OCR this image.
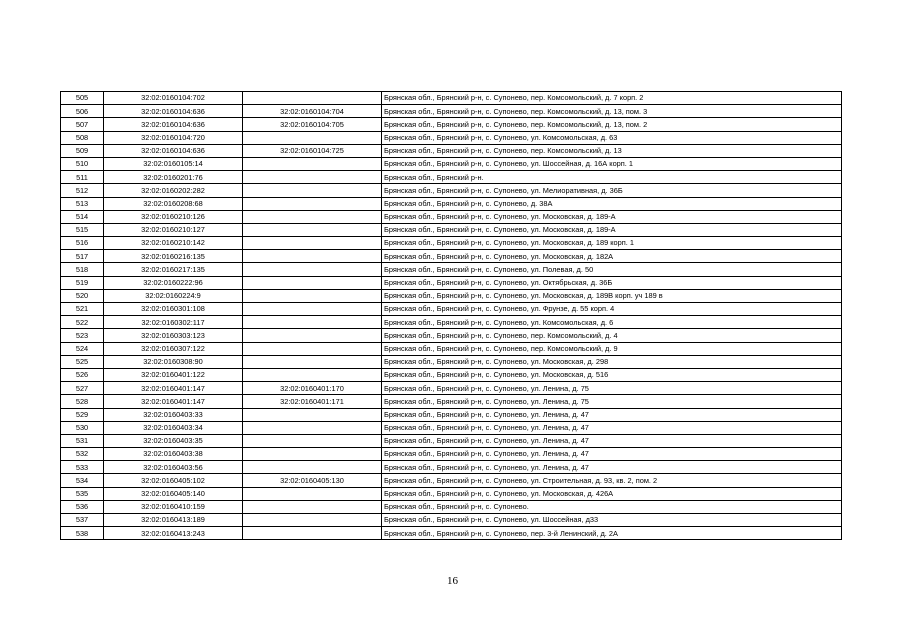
505	32:02:0160104:702		Брянская обл., Брянский р-н, с. Супонево, пер. Комсомольский, д. 7 корп. 2
506	32:02:0160104:636	32:02:0160104:704	Брянская обл., Брянский р-н, с. Супонево, пер. Комсомольский, д. 13, пом. 3
507	32:02:0160104:636	32:02:0160104:705	Брянская обл., Брянский р-н, с. Супонево, пер. Комсомольский, д. 13, пом. 2
508	32:02:0160104:720		Брянская обл., Брянский р-н, с. Супонево, ул. Комсомольская, д. 63
509	32:02:0160104:636	32:02:0160104:725	Брянская обл., Брянский р-н, с. Супонево, пер. Комсомольский, д. 13
510	32:02:0160105:14		Брянская обл., Брянский р-н, с. Супонево, ул. Шоссейная, д. 16А корп. 1
511	32:02:0160201:76		Брянская обл., Брянский р-н.
512	32:02:0160202:282		Брянская обл., Брянский р-н, с. Супонево, ул. Мелиоративная, д. 36Б
513	32:02:0160208:68		Брянская обл., Брянский р-н, с. Супонево, д. 38А
514	32:02:0160210:126		Брянская обл., Брянский р-н, с. Супонево, ул. Московская, д. 189-А
515	32:02:0160210:127		Брянская обл., Брянский р-н, с. Супонево, ул. Московская, д. 189-А
516	32:02:0160210:142		Брянская обл., Брянский р-н, с. Супонево, ул. Московская, д. 189 корп. 1
517	32:02:0160216:135		Брянская обл., Брянский р-н, с. Супонево, ул. Московская, д. 182А
518	32:02:0160217:135		Брянская обл., Брянский р-н, с. Супонево, ул. Полевая, д. 50
519	32:02:0160222:96		Брянская обл., Брянский р-н, с. Супонево, ул. Октябрьская, д. 36Б
520	32:02:0160224:9		Брянская обл., Брянский р-н, с. Супонево, ул. Московская, д. 189В корп. уч 189 в
521	32:02:0160301:108		Брянская обл., Брянский р-н, с. Супонево, ул. Фрунзе, д. 55 корп. 4
522	32:02:0160302:117		Брянская обл., Брянский р-н, с. Супонево, ул. Комсомольская, д. 6
523	32:02:0160303:123		Брянская обл., Брянский р-н, с. Супонево, пер. Комсомольский, д. 4
524	32:02:0160307:122		Брянская обл., Брянский р-н, с. Супонево, пер. Комсомольский, д. 9
525	32:02:0160308:90		Брянская обл., Брянский р-н, с. Супонево, ул. Московская, д. 298
526	32:02:0160401:122		Брянская обл., Брянский р-н, с. Супонево, ул. Московская, д. 516
527	32:02:0160401:147	32:02:0160401:170	Брянская обл., Брянский р-н, с. Супонево, ул. Ленина, д. 75
528	32:02:0160401:147	32:02:0160401:171	Брянская обл., Брянский р-н, с. Супонево, ул. Ленина, д. 75
529	32:02:0160403:33		Брянская обл., Брянский р-н, с. Супонево, ул. Ленина, д. 47
530	32:02:0160403:34		Брянская обл., Брянский р-н, с. Супонево, ул. Ленина, д. 47
531	32:02:0160403:35		Брянская обл., Брянский р-н, с. Супонево, ул. Ленина, д. 47
532	32:02:0160403:38		Брянская обл., Брянский р-н, с. Супонево, ул. Ленина, д. 47
533	32:02:0160403:56		Брянская обл., Брянский р-н, с. Супонево, ул. Ленина, д. 47
534	32:02:0160405:102	32:02:0160405:130	Брянская обл., Брянский р-н, с. Супонево, ул. Строительная, д. 93, кв. 2, пом. 2
535	32:02:0160405:140		Брянская обл., Брянский р-н, с. Супонево, ул. Московская, д. 426А
536	32:02:0160410:159		Брянская обл., Брянский р-н, с. Супонево.
537	32:02:0160413:189		Брянская обл., Брянский р-н, с. Супонево, ул. Шоссейная, д33
538	32:02:0160413:243		Брянская обл., Брянский р-н, с. Супонево, пер. 3-й Ленинский, д. 2А
16
